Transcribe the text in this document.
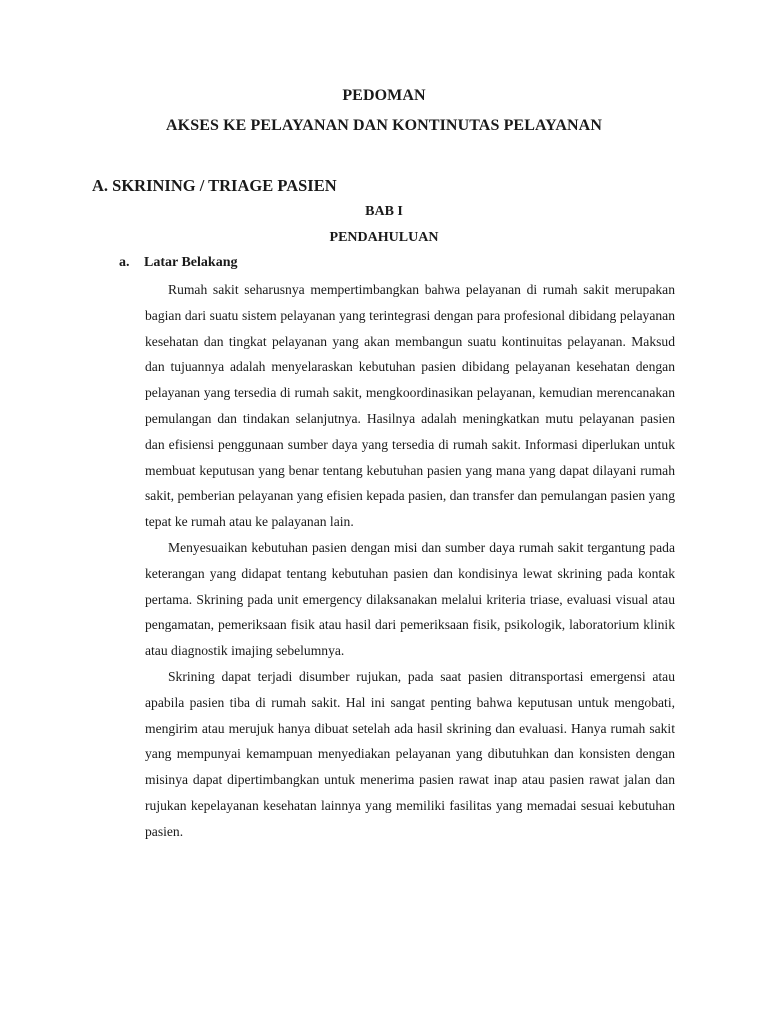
PEDOMAN
AKSES KE PELAYANAN DAN KONTINUTAS PELAYANAN
A. SKRINING / TRIAGE PASIEN
BAB I
PENDAHULUAN
a. Latar Belakang

Rumah sakit seharusnya mempertimbangkan bahwa pelayanan di rumah sakit merupakan bagian dari suatu sistem pelayanan yang terintegrasi dengan para profesional dibidang pelayanan kesehatan dan tingkat pelayanan yang akan membangun suatu kontinuitas pelayanan. Maksud dan tujuannya adalah menyelaraskan kebutuhan pasien dibidang pelayanan kesehatan dengan pelayanan yang tersedia di rumah sakit, mengkoordinasikan pelayanan, kemudian merencanakan pemulangan dan tindakan selanjutnya. Hasilnya adalah meningkatkan mutu pelayanan pasien dan efisiensi penggunaan sumber daya yang tersedia di rumah sakit. Informasi diperlukan untuk membuat keputusan yang benar tentang kebutuhan pasien yang mana yang dapat dilayani rumah sakit, pemberian pelayanan yang efisien kepada pasien, dan transfer dan pemulangan pasien yang tepat ke rumah atau ke palayanan lain.

Menyesuaikan kebutuhan pasien dengan misi dan sumber daya rumah sakit tergantung pada keterangan yang didapat tentang kebutuhan pasien dan kondisinya lewat skrining pada kontak pertama. Skrining pada unit emergency dilaksanakan melalui kriteria triase, evaluasi visual atau pengamatan, pemeriksaan fisik atau hasil dari pemeriksaan fisik, psikologik, laboratorium klinik atau diagnostik imajing sebelumnya.

Skrining dapat terjadi disumber rujukan, pada saat pasien ditransportasi emergensi atau apabila pasien tiba di rumah sakit. Hal ini sangat penting bahwa keputusan untuk mengobati, mengirim atau merujuk hanya dibuat setelah ada hasil skrining dan evaluasi. Hanya rumah sakit yang mempunyai kemampuan menyediakan pelayanan yang dibutuhkan dan konsisten dengan misinya dapat dipertimbangkan untuk menerima pasien rawat inap atau pasien rawat jalan dan rujukan kepelayanan kesehatan lainnya yang memiliki fasilitas yang memadai sesuai kebutuhan pasien.
